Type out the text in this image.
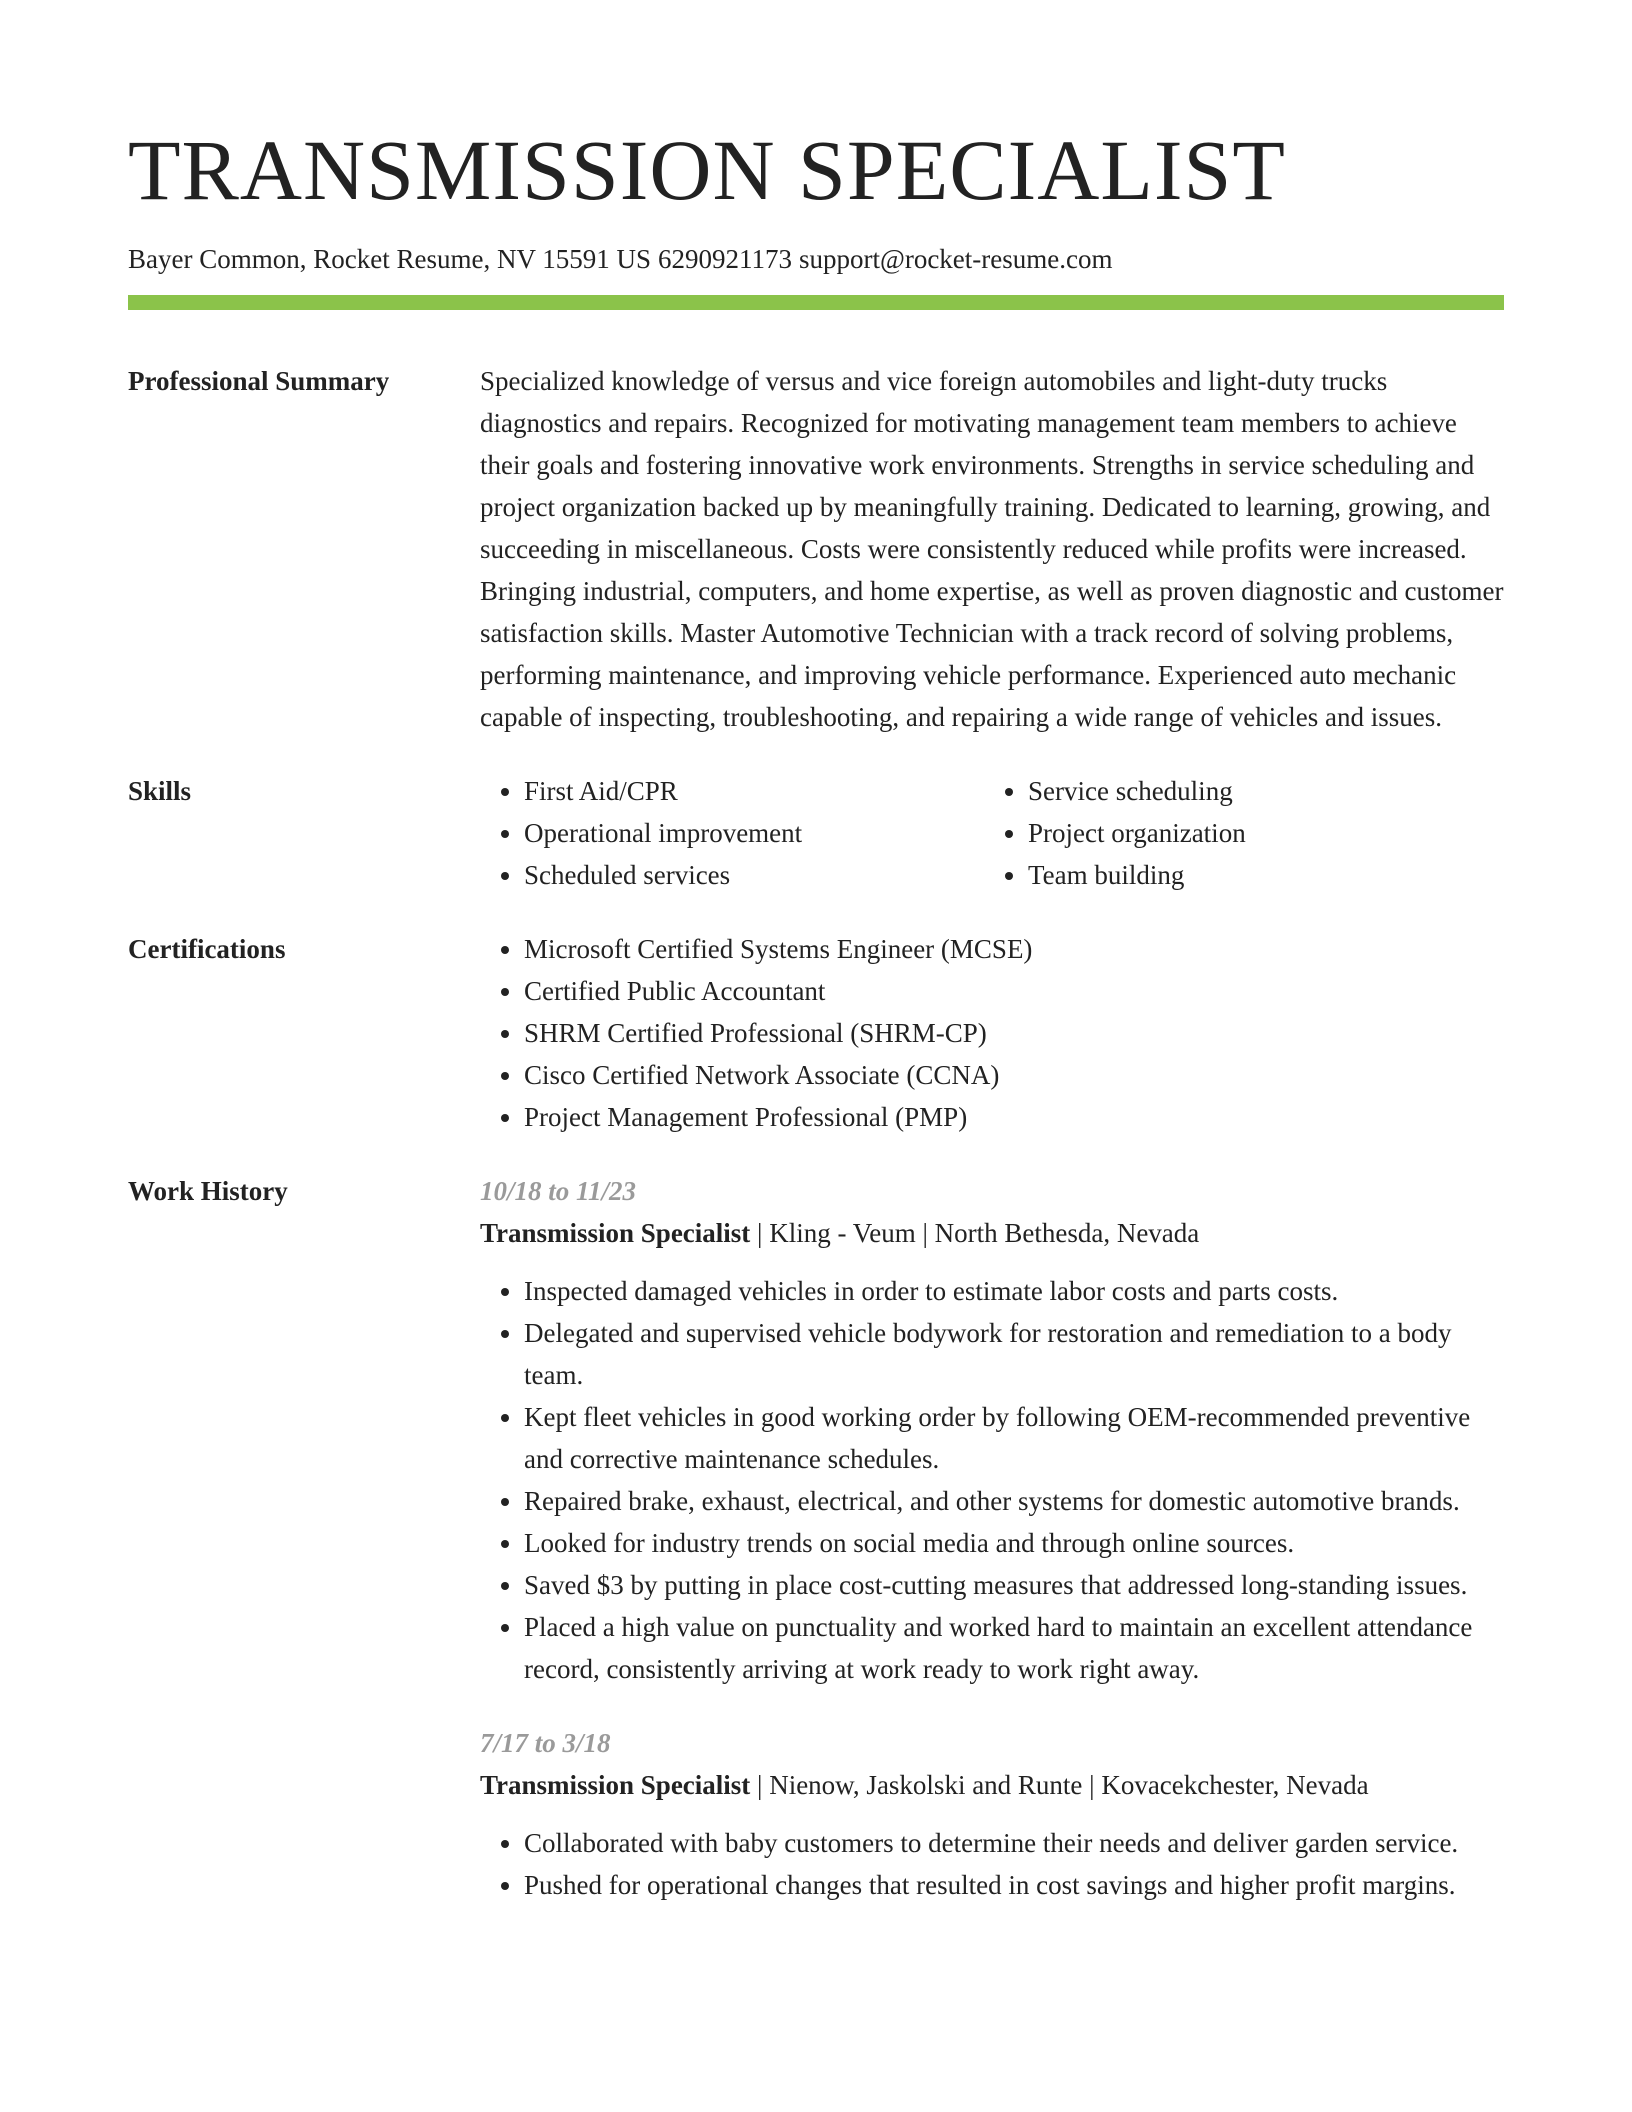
TRANSMISSION SPECIALIST
Bayer Common, Rocket Resume, NV 15591 US 6290921173 support@rocket-resume.com
Professional Summary	Specialized knowledge of versus and vice foreign automobiles and light-duty trucks diagnostics and repairs. Recognized for motivating management team members to achieve their goals and fostering innovative work environments. Strengths in service scheduling and project organization backed up by meaningfully training. Dedicated to learning, growing, and succeeding in miscellaneous. Costs were consistently reduced while profits were increased. Bringing industrial, computers, and home expertise, as well as proven diagnostic and customer satisfaction skills. Master Automotive Technician with a track record of solving problems, performing maintenance, and improving vehicle performance. Experienced auto mechanic capable of inspecting, troubleshooting, and repairing a wide range of vehicles and issues.
Skills	• First Aid/CPR
• Operational improvement
• Scheduled services
• Service scheduling
• Project organization
• Team building
Certifications	• Microsoft Certified Systems Engineer (MCSE)
• Certified Public Accountant
• SHRM Certified Professional (SHRM-CP)
• Cisco Certified Network Associate (CCNA)
• Project Management Professional (PMP)
Work History	10/18 to 11/23
Transmission Specialist | Kling - Veum | North Bethesda, Nevada
• Inspected damaged vehicles in order to estimate labor costs and parts costs.
• Delegated and supervised vehicle bodywork for restoration and remediation to a body team.
• Kept fleet vehicles in good working order by following OEM-recommended preventive and corrective maintenance schedules.
• Repaired brake, exhaust, electrical, and other systems for domestic automotive brands.
• Looked for industry trends on social media and through online sources.
• Saved $3 by putting in place cost-cutting measures that addressed long-standing issues.
• Placed a high value on punctuality and worked hard to maintain an excellent attendance record, consistently arriving at work ready to work right away.
7/17 to 3/18
Transmission Specialist | Nienow, Jaskolski and Runte | Kovacekchester, Nevada
• Collaborated with baby customers to determine their needs and deliver garden service.
• Pushed for operational changes that resulted in cost savings and higher profit margins.
